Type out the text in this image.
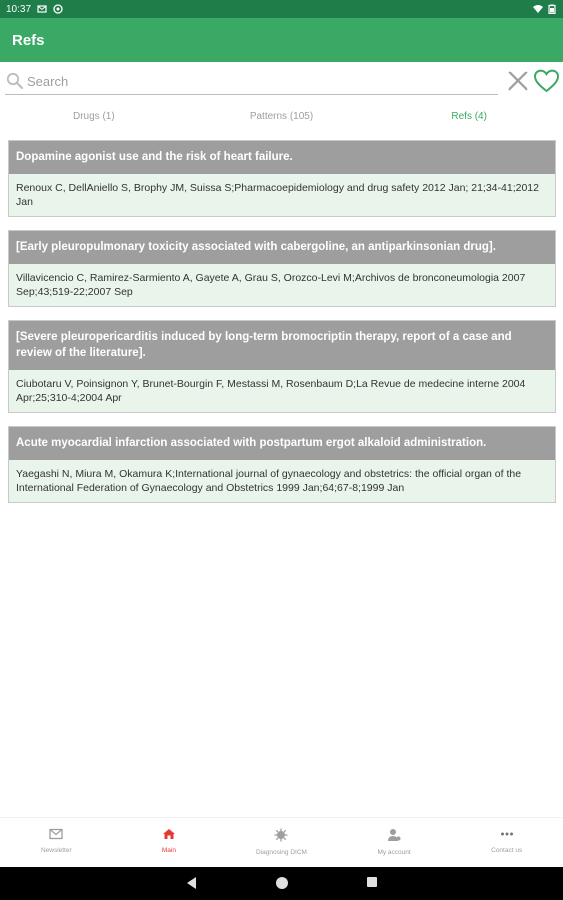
10:37
Refs
Search
Drugs (1)	Patterns (105)	Refs (4)
Dopamine agonist use and the risk of heart failure.
Renoux C, DellAniello S, Brophy JM, Suissa S;Pharmacoepidemiology and drug safety 2012 Jan; 21;34-41;2012 Jan
[Early pleuropulmonary toxicity associated with cabergoline, an antiparkinsonian drug].
Villavicencio C, Ramirez-Sarmiento A, Gayete A, Grau S, Orozco-Levi M;Archivos de bronconeumologia 2007 Sep;43;519-22;2007 Sep
[Severe pleuropericarditis induced by long-term bromocriptin therapy, report of a case and review of the literature].
Ciubotaru V, Poinsignon Y, Brunet-Bourgin F, Mestassi M, Rosenbaum D;La Revue de medecine interne 2004 Apr;25;310-4;2004 Apr
Acute myocardial infarction associated with postpartum ergot alkaloid administration.
Yaegashi N, Miura M, Okamura K;International journal of gynaecology and obstetrics: the official organ of the International Federation of Gynaecology and Obstetrics 1999 Jan;64;67-8;1999 Jan
Newsletter	Main	Diagnosing DICM	My account	Contact us
